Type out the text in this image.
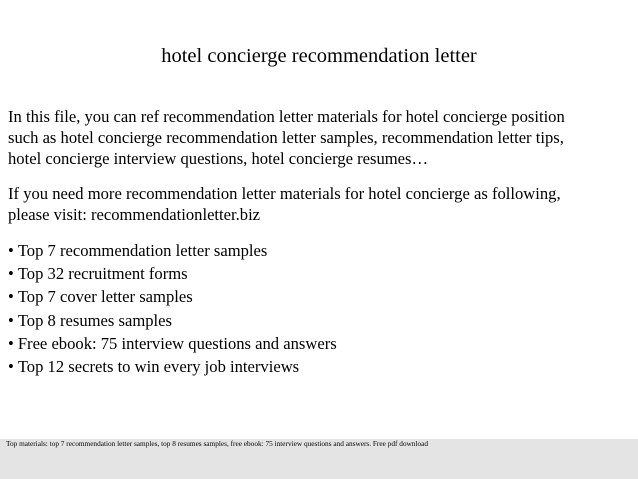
hotel concierge recommendation letter

In this file, you can ref recommendation letter materials for hotel concierge position
such as hotel concierge recommendation letter samples, recommendation letter tips,
hotel concierge interview questions, hotel concierge resumes…

If you need more recommendation letter materials for hotel concierge as following,
please visit: recommendationletter.biz

• Top 7 recommendation letter samples
• Top 32 recruitment forms
• Top 7 cover letter samples
• Top 8 resumes samples
• Free ebook: 75 interview questions and answers
• Top 12 secrets to win every job interviews
Top materials: top 7 recommendation letter samples, top 8 resumes samples, free ebook: 75 interview questions and answers. Free pdf download
